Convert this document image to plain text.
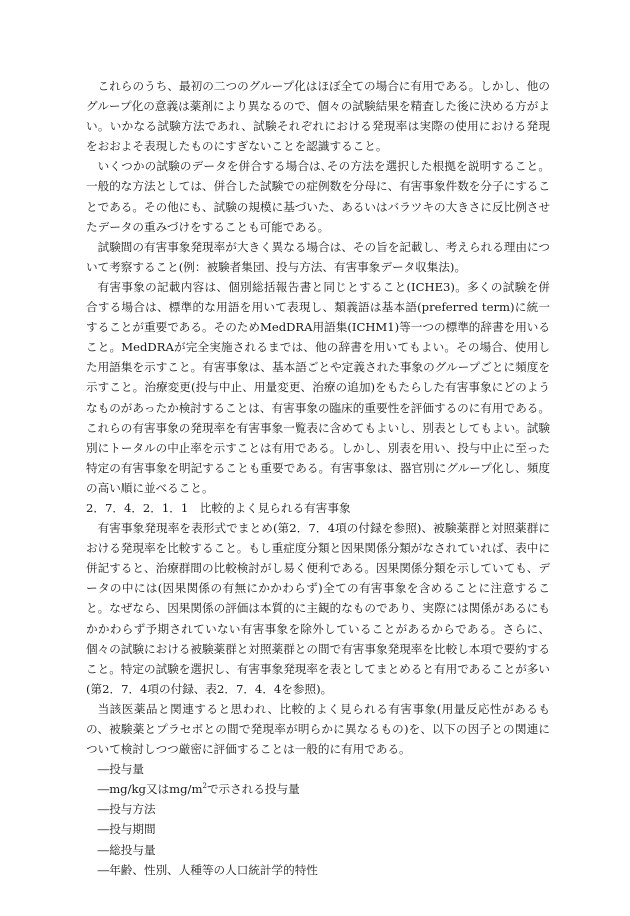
これらのうち、最初の二つのグループ化はほぼ全ての場合に有用である。しかし、他のグループ化の意義は薬剤により異なるので、個々の試験結果を精査した後に決める方がよい。いかなる試験方法であれ、試験それぞれにおける発現率は実際の使用における発現をおおよそ表現したものにすぎないことを認識すること。

いくつかの試験のデータを併合する場合は､その方法を選択した根拠を説明すること。一般的な方法としては、併合した試験での症例数を分母に、有害事象件数を分子にすることである。その他にも、試験の規模に基づいた、あるいはバラツキの大きさに反比例させたデータの重みづけをすることも可能である。

試験間の有害事象発現率が大きく異なる場合は、その旨を記載し、考えられる理由について考察すること(例：被験者集団、投与方法、有害事象データ収集法)。

有害事象の記載内容は、個別総括報告書と同じとすること(ICHE3)。多くの試験を併合する場合は、標準的な用語を用いて表現し、類義語は基本語(preferred term)に統一することが重要である。そのためMedDRA用語集(ICHM1)等一つの標準的辞書を用いること。MedDRAが完全実施されるまでは、他の辞書を用いてもよい。その場合、使用した用語集を示すこと。有害事象は、基本語ごとや定義された事象のグループごとに頻度を示すこと。治療変更(投与中止、用量変更、治療の追加)をもたらした有害事象にどのようなものがあったか検討することは、有害事象の臨床的重要性を評価するのに有用である。これらの有害事象の発現率を有害事象一覧表に含めてもよいし、別表としてもよい。試験別にトータルの中止率を示すことは有用である。しかし、別表を用い、投与中止に至った特定の有害事象を明記することも重要である。有害事象は、器官別にグループ化し、頻度の高い順に並べること。

2．7．4．2．1．1　比較的よく見られる有害事象

有害事象発現率を表形式でまとめ(第2．7．4項の付録を参照)、被験薬群と対照薬群における発現率を比較すること。もし重症度分類と因果関係分類がなされていれば、表中に併記すると、治療群間の比較検討がし易く便利である。因果関係分類を示していても、データの中には(因果関係の有無にかかわらず)全ての有害事象を含めることに注意すること。なぜなら、因果関係の評価は本質的に主観的なものであり、実際には関係があるにもかかわらず予期されていない有害事象を除外していることがあるからである。さらに、個々の試験における被験薬群と対照薬群との間で有害事象発現率を比較し本項で要約すること。特定の試験を選択し、有害事象発現率を表としてまとめると有用であることが多い(第2．7．4項の付録、表2．7．4．4を参照)。

当該医薬品と関連すると思われ、比較的よく見られる有害事象(用量反応性があるもの、被験薬とプラセボとの間で発現率が明らかに異なるもの)を、以下の因子との関連について検討しつつ厳密に評価することは一般的に有用である。

―投与量
―mg/kg又は$mg/m^2$で示される投与量
―投与方法
―投与期間
―総投与量
―年齢、性別、人種等の人口統計学的特性
